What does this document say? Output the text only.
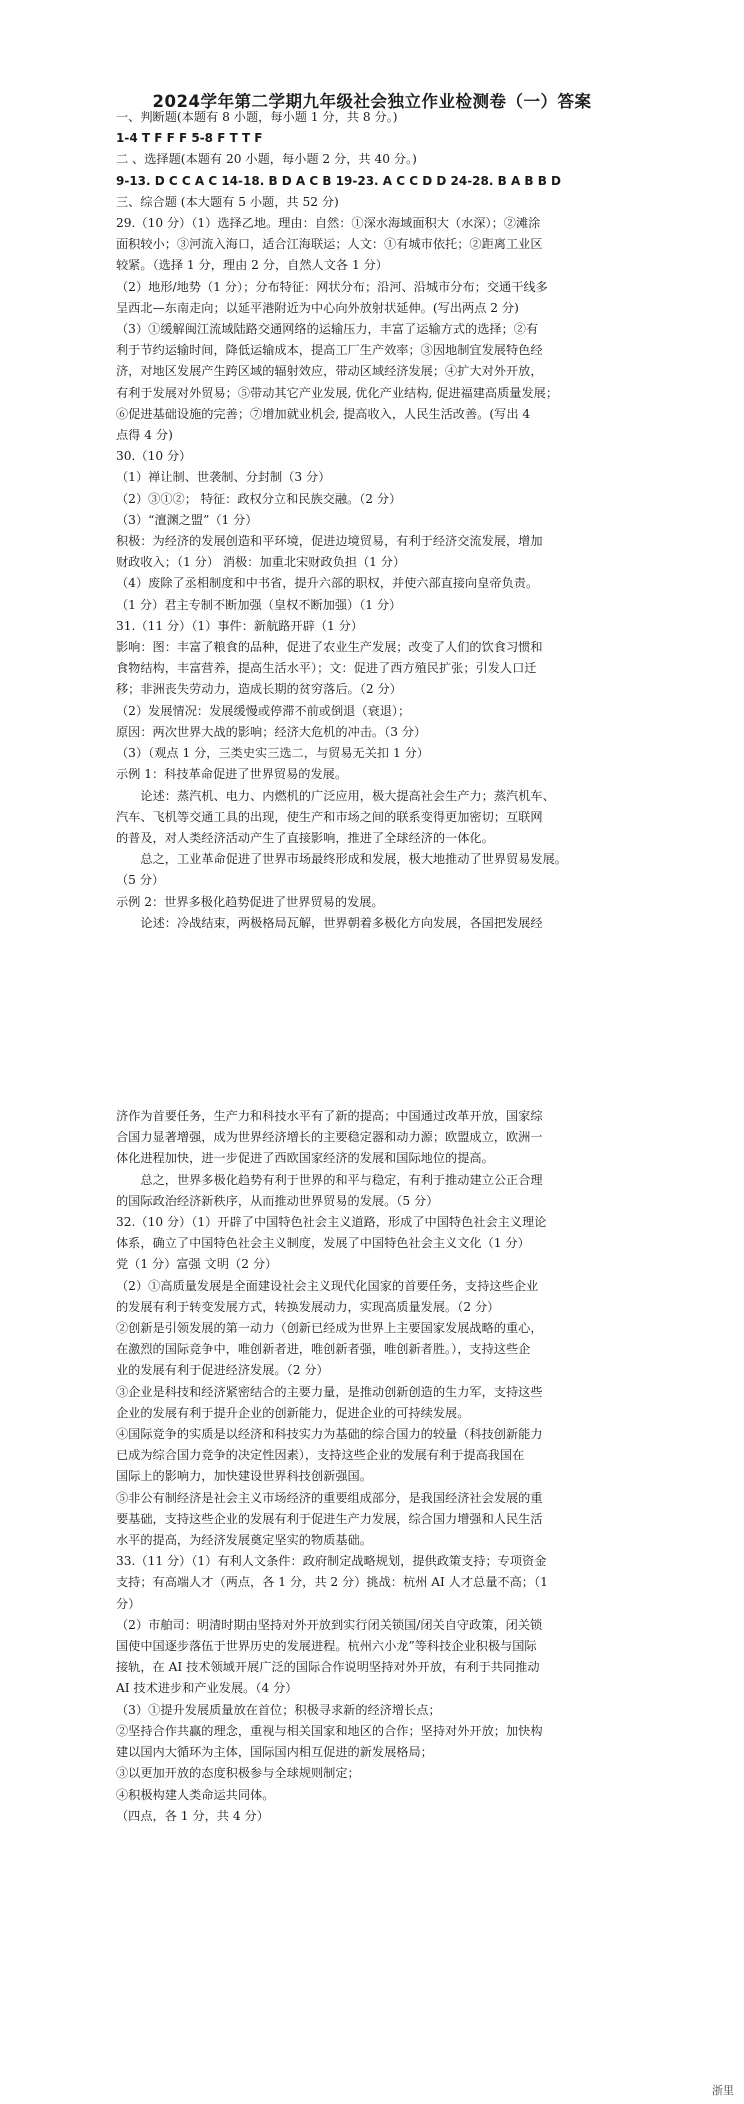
2024学年第二学期九年级社会独立作业检测卷（一）答案

一、判断题(本题有 8 小题，每小题 1 分，共 8 分。)

1-4 T F F F 5-8 F T T F

二 、选择题(本题有 20 小题，每小题 2 分，共 40 分。)

9-13. D C C A C 14-18. B D A C B 19-23. A C C D D 24-28. B A B B D

三、综合题 (本大题有 5 小题，共 52 分)

29.（10 分）（1）选择乙地。理由：自然：①深水海域面积大（水深）；②滩涂

面积较小；③河流入海口，适合江海联运；人文：①有城市依托；②距离工业区

较紧。（选择 1 分，理由 2 分，自然人文各 1 分）

（2）地形/地势（1 分）；分布特征：网状分布；沿河、沿城市分布；交通干线多

呈西北—东南走向；以延平港附近为中心向外放射状延伸。(写出两点 2 分)

（3）①缓解闽江流域陆路交通网络的运输压力，丰富了运输方式的选择；②有

利于节约运输时间，降低运输成本，提高工厂生产效率；③因地制宜发展特色经

济，对地区发展产生跨区域的辐射效应，带动区域经济发展；④扩大对外开放，

有利于发展对外贸易；⑤带动其它产业发展, 优化产业结构, 促进福建高质量发展；

⑥促进基础设施的完善；⑦增加就业机会, 提高收入，人民生活改善。(写出 4

点得 4 分)

30.（10 分）

（1）禅让制、世袭制、分封制（3 分）

（2）③①②； 特征：政权分立和民族交融。（2 分）

（3）“澶渊之盟”（1 分）

积极：为经济的发展创造和平环境，促进边境贸易，有利于经济交流发展，增加

财政收入；（1 分） 消极：加重北宋财政负担（1 分）

（4）废除了丞相制度和中书省，提升六部的职权，并使六部直接向皇帝负责。

（1 分）君主专制不断加强（皇权不断加强）（1 分）

31.（11 分）（1）事件：新航路开辟（1 分）

影响：图：丰富了粮食的品种，促进了农业生产发展；改变了人们的饮食习惯和

食物结构，丰富营养，提高生活水平）；文：促进了西方殖民扩张；引发人口迁

移；非洲丧失劳动力，造成长期的贫穷落后。（2 分）

（2）发展情况：发展缓慢或停滞不前或倒退（衰退）；

原因：两次世界大战的影响；经济大危机的冲击。（3 分）

（3）（观点 1 分，三类史实三选二，与贸易无关扣 1 分）

示例 1：科技革命促进了世界贸易的发展。

论述：蒸汽机、电力、内燃机的广泛应用，极大提高社会生产力；蒸汽机车、

汽车、飞机等交通工具的出现，使生产和市场之间的联系变得更加密切；互联网

的普及，对人类经济活动产生了直接影响，推进了全球经济的一体化。

总之，工业革命促进了世界市场最终形成和发展，极大地推动了世界贸易发展。

（5 分）

示例 2：世界多极化趋势促进了世界贸易的发展。

论述：冷战结束，两极格局瓦解，世界朝着多极化方向发展，各国把发展经

济作为首要任务，生产力和科技水平有了新的提高；中国通过改革开放，国家综

合国力显著增强，成为世界经济增长的主要稳定器和动力源；欧盟成立，欧洲一

体化进程加快，进一步促进了西欧国家经济的发展和国际地位的提高。

总之，世界多极化趋势有利于世界的和平与稳定，有利于推动建立公正合理

的国际政治经济新秩序，从而推动世界贸易的发展。（5 分）

32.（10 分）（1）开辟了中国特色社会主义道路，形成了中国特色社会主义理论

体系，确立了中国特色社会主义制度，发展了中国特色社会主义文化（1 分）

党（1 分）富强 文明（2 分）

（2）①高质量发展是全面建设社会主义现代化国家的首要任务，支持这些企业

的发展有利于转变发展方式，转换发展动力，实现高质量发展。（2 分）

②创新是引领发展的第一动力（创新已经成为世界上主要国家发展战略的重心，

在激烈的国际竞争中，唯创新者进，唯创新者强，唯创新者胜。），支持这些企

业的发展有利于促进经济发展。（2 分）

③企业是科技和经济紧密结合的主要力量，是推动创新创造的生力军，支持这些

企业的发展有利于提升企业的创新能力，促进企业的可持续发展。

④国际竞争的实质是以经济和科技实力为基础的综合国力的较量（科技创新能力

已成为综合国力竞争的决定性因素），支持这些企业的发展有利于提高我国在

国际上的影响力，加快建设世界科技创新强国。

⑤非公有制经济是社会主义市场经济的重要组成部分，是我国经济社会发展的重

要基础，支持这些企业的发展有利于促进生产力发展，综合国力增强和人民生活

水平的提高，为经济发展奠定坚实的物质基础。

33.（11 分）（1）有利人文条件：政府制定战略规划，提供政策支持；专项资金

支持；有高端人才（两点，各 1 分，共 2 分）挑战：杭州 AI 人才总量不高；（1

分）

（2）市舶司：明清时期由坚持对外开放到实行闭关锁国/闭关自守政策，闭关锁

国使中国逐步落伍于世界历史的发展进程。杭州六小龙”等科技企业积极与国际

接轨，在 AI 技术领域开展广泛的国际合作说明坚持对外开放，有利于共同推动

AI 技术进步和产业发展。（4 分）

（3）①提升发展质量放在首位；积极寻求新的经济增长点；

②坚持合作共赢的理念，重视与相关国家和地区的合作；坚持对外开放；加快构

建以国内大循环为主体，国际国内相互促进的新发展格局；

③以更加开放的态度积极参与全球规则制定；

④积极构建人类命运共同体。

（四点，各 1 分，共 4 分）

浙里
